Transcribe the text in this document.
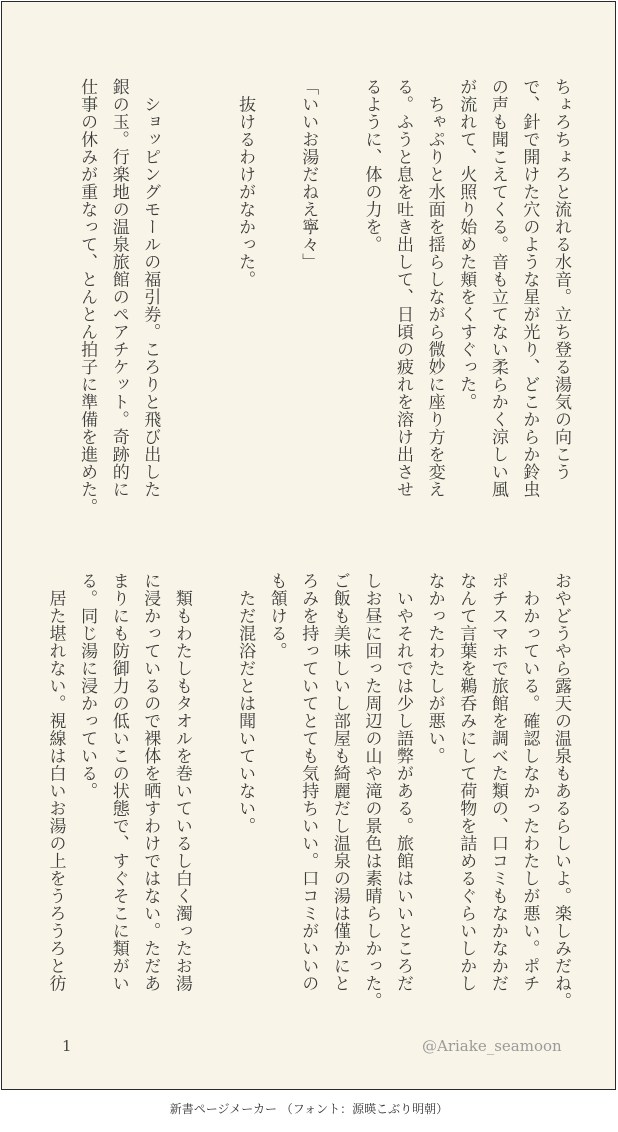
ちょろちょろと流れる水音。立ち登る湯気の向こう
で、針で開けた穴のような星が光り、どこからか鈴虫
の声も聞こえてくる。音も立てない柔らかく涼しい風
が流れて、火照り始めた頬をくすぐった。
　ちゃぷりと水面を揺らしながら微妙に座り方を変え
る。ふうと息を吐き出して、日頃の疲れを溶け出させ
るように、体の力を。

「いいお湯だねえ寧々」

　抜けるわけがなかった。

　ショッピングモールの福引券。ころりと飛び出した
銀の玉。行楽地の温泉旅館のペアチケット。奇跡的に
仕事の休みが重なって、とんとん拍子に準備を進めた。
おやどうやら露天の温泉もあるらしいよ。楽しみだね。
　わかっている。確認しなかったわたしが悪い。ポチ
ポチスマホで旅館を調べた類の、口コミもなかなかだ
なんて言葉を鵜呑みにして荷物を詰めるぐらいしかし
なかったわたしが悪い。
　いやそれでは少し語弊がある。旅館はいいところだ
しお昼に回った周辺の山や滝の景色は素晴らしかった。
ご飯も美味しいし部屋も綺麗だし温泉の湯は僅かにと
ろみを持っていてとても気持ちいい。口コミがいいの
も頷ける。
　ただ混浴だとは聞いていない。

　類もわたしもタオルを巻いているし白く濁ったお湯
に浸かっているので裸体を晒すわけではない。ただあ
まりにも防御力の低いこの状態で、すぐそこに類がい
る。同じ湯に浸かっている。
　居た堪れない。視線は白いお湯の上をうろうろと彷
1	@Ariake_seamoon
新書ページメーカー （フォント：源暎こぶり明朝）
